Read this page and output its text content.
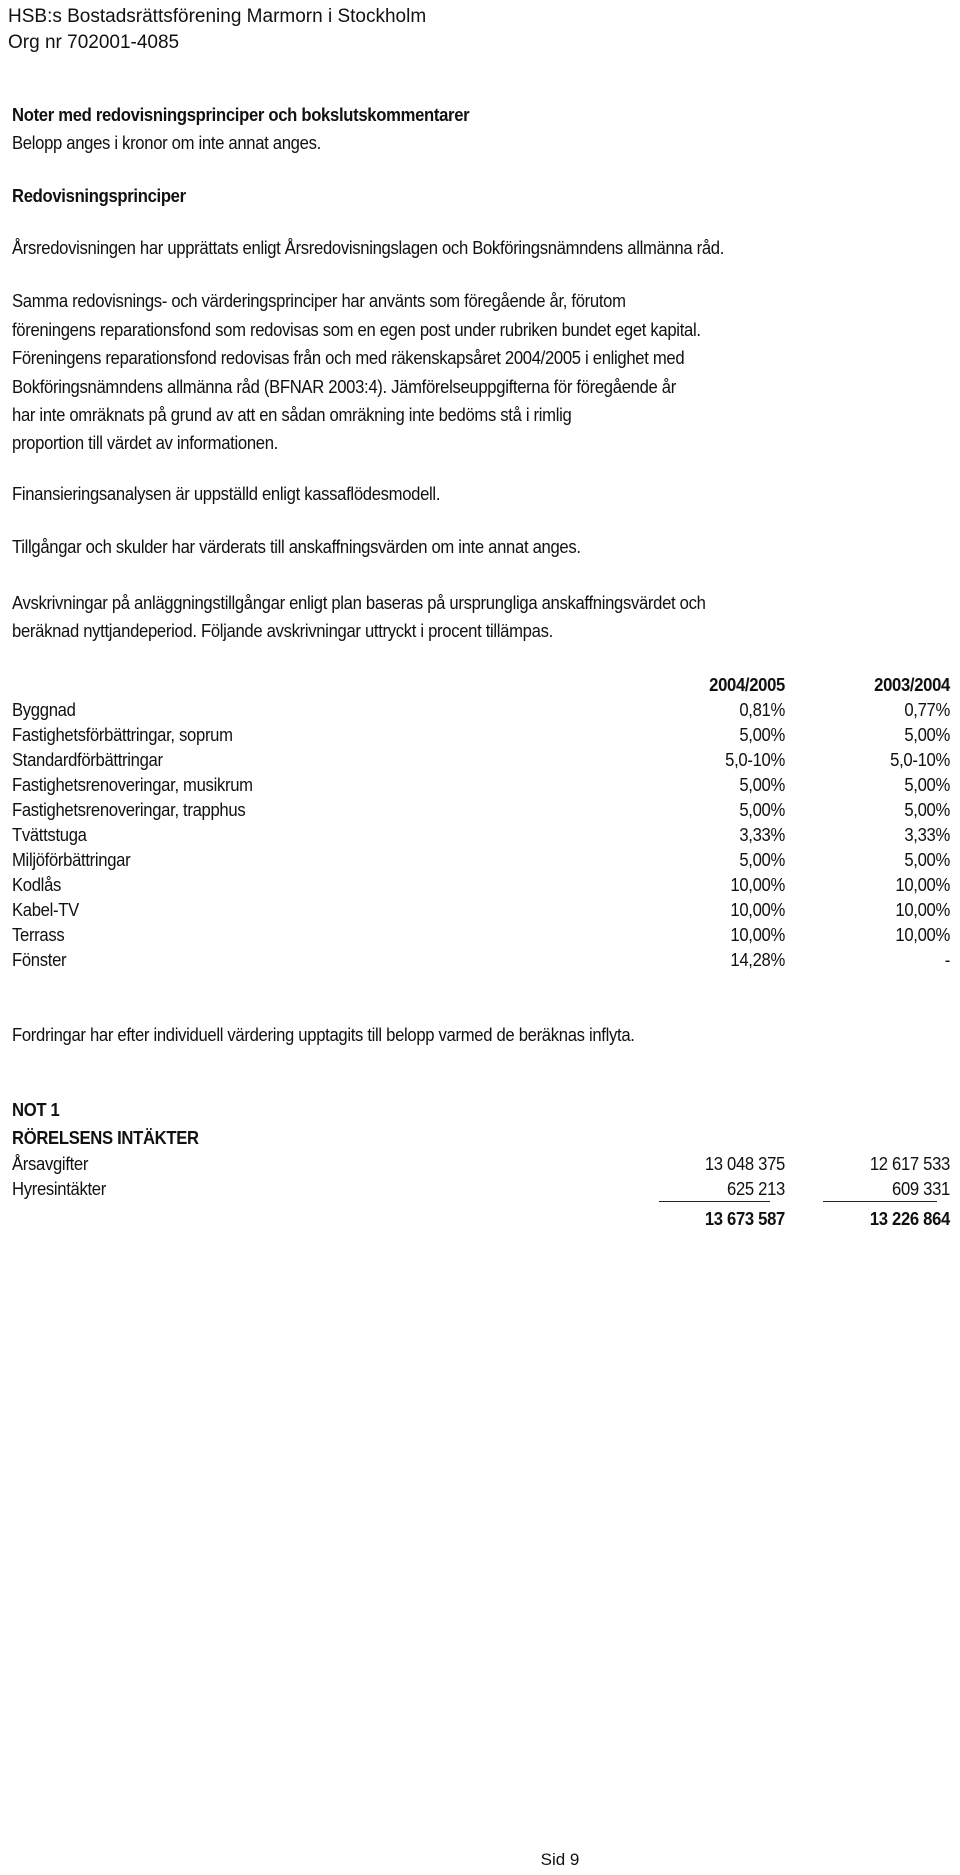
HSB:s Bostadsrättsförening Marmorn i Stockholm
Org nr 702001-4085
Noter med redovisningsprinciper och bokslutskommentarer
Belopp anges i kronor om inte annat anges.
Redovisningsprinciper
Årsredovisningen har upprättats enligt Årsredovisningslagen och Bokföringsnämndens allmänna råd.
Samma redovisnings- och värderingsprinciper har använts som föregående år, förutom
föreningens reparationsfond som redovisas som en egen post under rubriken bundet eget kapital.
Föreningens reparationsfond redovisas från och med räkenskapsåret 2004/2005 i enlighet med
Bokföringsnämndens allmänna råd (BFNAR 2003:4). Jämförelseuppgifterna för föregående år
har inte omräknats på grund av att en sådan omräkning inte bedöms stå i rimlig
proportion till värdet av informationen.
Finansieringsanalysen är uppställd enligt kassaflödesmodell.
Tillgångar och skulder har värderats till anskaffningsvärden om inte annat anges.
Avskrivningar på anläggningstillgångar enligt plan baseras på ursprungliga anskaffningsvärdet och
beräknad nyttjandeperiod. Följande avskrivningar uttryckt i procent tillämpas.
2004/2005	2003/2004
Byggnad	0,81%	0,77%
Fastighetsförbättringar, soprum	5,00%	5,00%
Standardförbättringar	5,0-10%	5,0-10%
Fastighetsrenoveringar, musikrum	5,00%	5,00%
Fastighetsrenoveringar, trapphus	5,00%	5,00%
Tvättstuga	3,33%	3,33%
Miljöförbättringar	5,00%	5,00%
Kodlås	10,00%	10,00%
Kabel-TV	10,00%	10,00%
Terrass	10,00%	10,00%
Fönster	14,28%	-
Fordringar har efter individuell värdering upptagits till belopp varmed de beräknas inflyta.
NOT 1
RÖRELSENS INTÄKTER
Årsavgifter	13 048 375	12 617 533
Hyresintäkter	625 213	609 331
13 673 587	13 226 864
Sid 9
